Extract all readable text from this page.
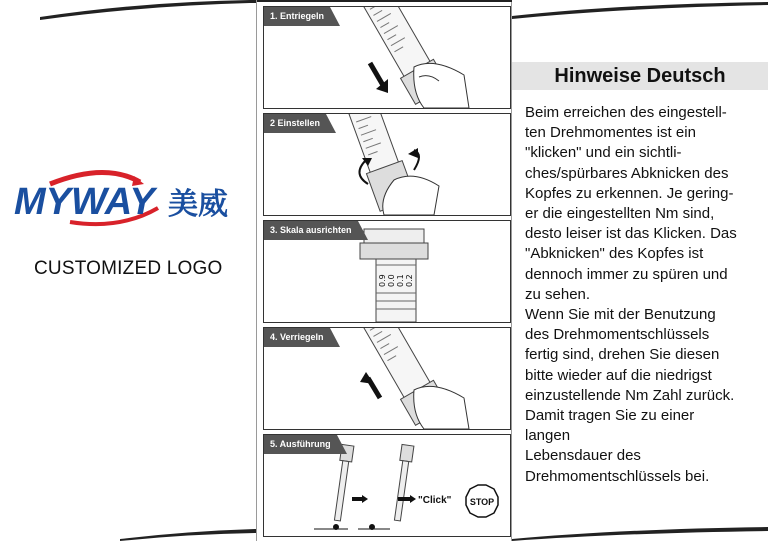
MYWAY 美威
CUSTOMIZED LOGO
1. Entriegeln
2 Einstellen
0.9 0.0 0.1 0.2
3. Skala ausrichten
4. Verriegeln
"Click" STOP
5. Ausführung
Hinweise Deutsch
Beim erreichen des eingestell-
ten Drehmomentes ist ein
"klicken" und ein sichtli-
ches/spürbares Abknicken des
Kopfes zu erkennen. Je gering-
er die eingestellten Nm sind,
desto leiser ist das Klicken. Das
"Abknicken" des Kopfes ist
dennoch immer zu spüren und
zu sehen.
Wenn Sie mit der Benutzung
des Drehmomentschlüssels
fertig sind, drehen Sie diesen
bitte wieder auf die niedrigst
einzustellende Nm Zahl zurück.
Damit tragen Sie zu einer
langen
Lebensdauer des
Drehmomentschlüssels bei.
